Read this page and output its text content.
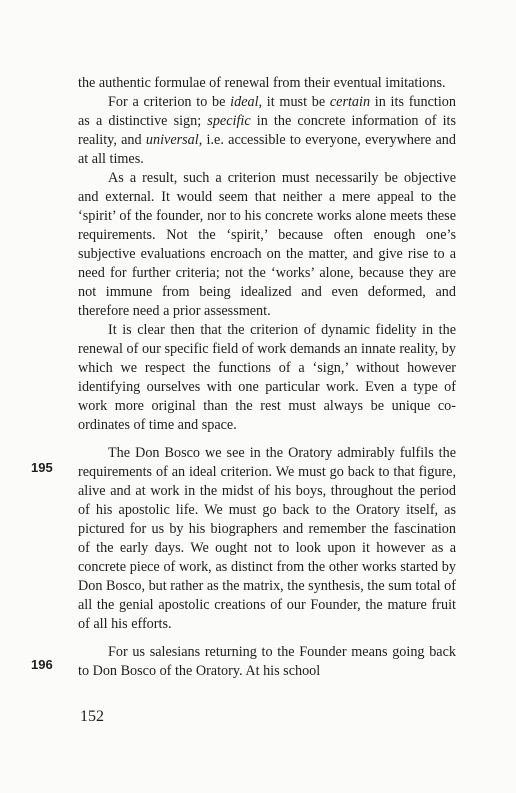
the authentic formulae of renewal from their eventual imitations.

For a criterion to be ideal, it must be certain in its function as a distinctive sign; specific in the concrete information of its reality, and universal, i.e. accessible to everyone, everywhere and at all times.

As a result, such a criterion must necessarily be objective and external. It would seem that neither a mere appeal to the ‘spirit’ of the founder, nor to his concrete works alone meets these requirements. Not the ‘spirit,’ because often enough one’s subjective evaluations encroach on the matter, and give rise to a need for further criteria; not the ‘works’ alone, because they are not immune from being idealized and even deformed, and therefore need a prior assessment.

It is clear then that the criterion of dynamic fidelity in the renewal of our specific field of work demands an innate reality, by which we respect the functions of a ‘sign,’ without however identifying ourselves with one particular work. Even a type of work more original than the rest must always be unique co-ordinates of time and space.

The Don Bosco we see in the Oratory admirably fulfils the requirements of an ideal criterion. We must go back to that figure, alive and at work in the midst of his boys, throughout the period of his apostolic life. We must go back to the Oratory itself, as pictured for us by his biographers and remember the fascination of the early days. We ought not to look upon it however as a concrete piece of work, as distinct from the other works started by Don Bosco, but rather as the matrix, the synthesis, the sum total of all the genial apostolic creations of our Founder, the mature fruit of all his efforts.

For us salesians returning to the Founder means going back to Don Bosco of the Oratory. At his school

195
196
152
